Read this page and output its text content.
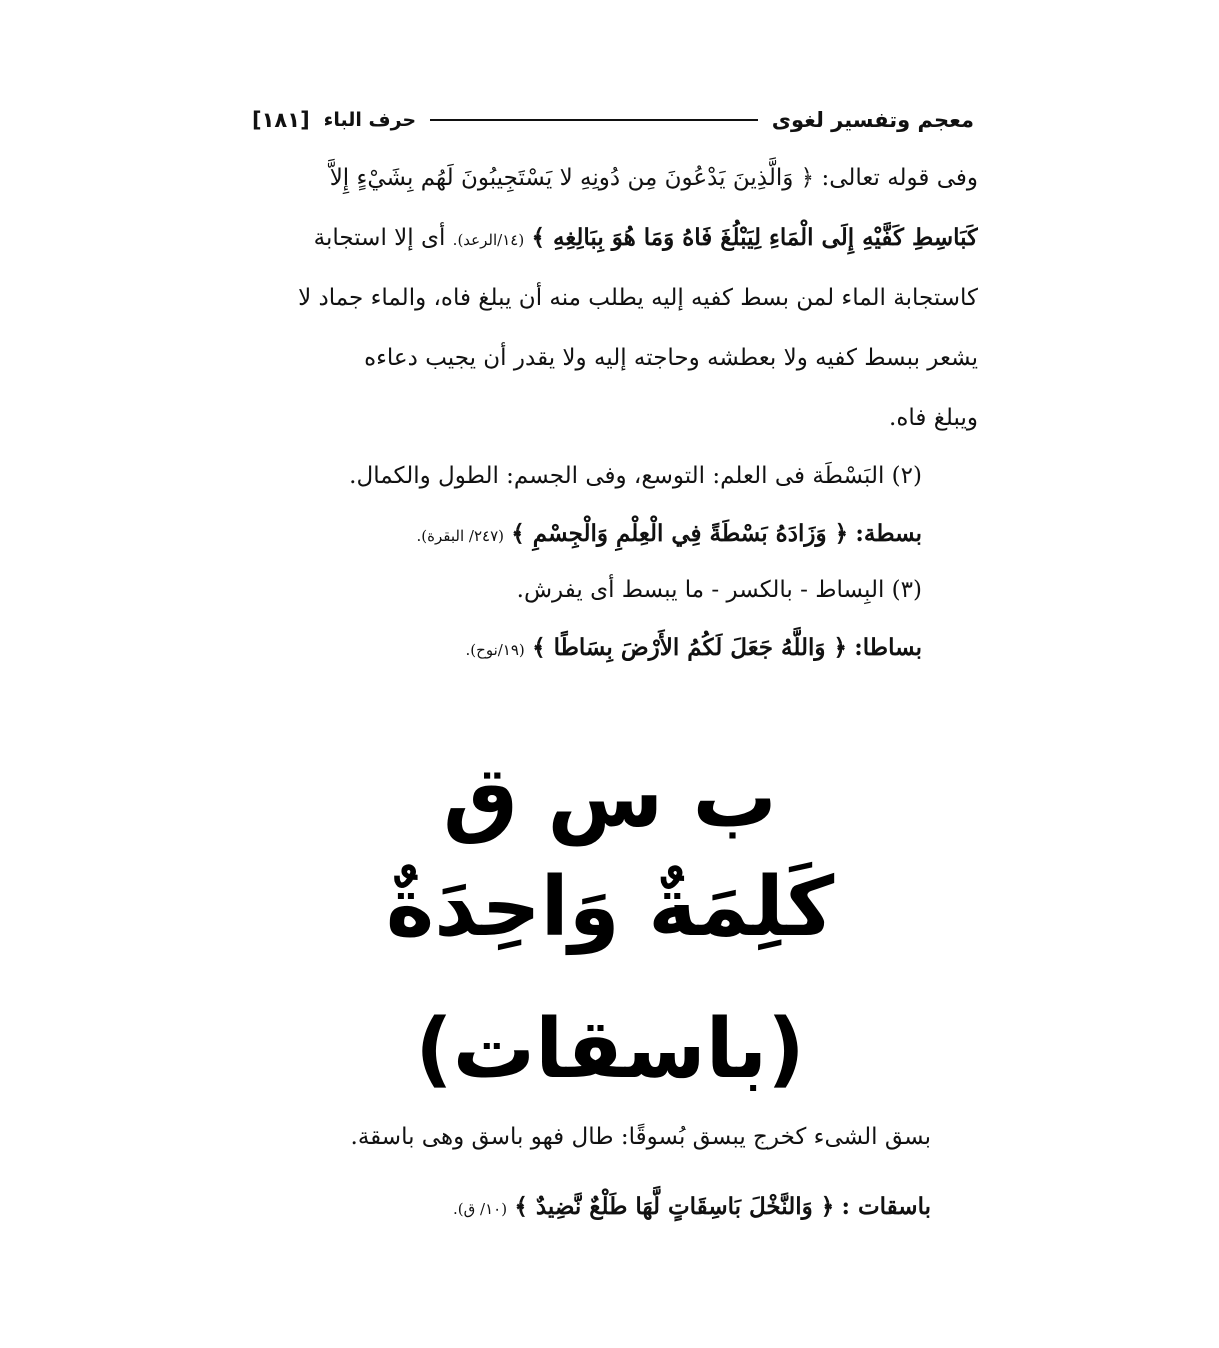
معجم وتفسير لغوى
حرف الباء
[١٨١]
وفى قوله تعالى: ﴿ وَالَّذِينَ يَدْعُونَ مِن دُونِهِ لا يَسْتَجِيبُونَ لَهُم بِشَيْءٍ إِلاَّ
كَبَاسِطِ كَفَّيْهِ إِلَى الْمَاءِ لِيَبْلُغَ فَاهُ وَمَا هُوَ بِبَالِغِهِ ﴾ (١٤/الرعد). أى إلا استجابة
كاستجابة الماء لمن بسط كفيه إليه يطلب منه أن يبلغ فاه، والماء جماد لا
يشعر ببسط كفيه ولا بعطشه وحاجته إليه ولا يقدر أن يجيب دعاءه
ويبلغ فاه.
(٢) البَسْطَة فى العلم: التوسع، وفى الجسم: الطول والكمال.
بسطة: ﴿ وَزَادَهُ بَسْطَةً فِي الْعِلْمِ وَالْجِسْمِ ﴾ (٢٤٧/ البقرة).
(٣) البِساط - بالكسر - ما يبسط أى يفرش.
بساطا: ﴿ وَاللَّهُ جَعَلَ لَكُمُ الأَرْضَ بِسَاطًا ﴾ (١٩/نوح).
ب س ق
كَلِمَةٌ وَاحِدَةٌ
(باسقات)
بسق الشىء كخرج يبسق بُسوقًا: طال فهو باسق وهى باسقة.
باسقات : ﴿ وَالنَّخْلَ بَاسِقَاتٍ لَّهَا طَلْعٌ نَّضِيدٌ ﴾ (١٠/ ق).
